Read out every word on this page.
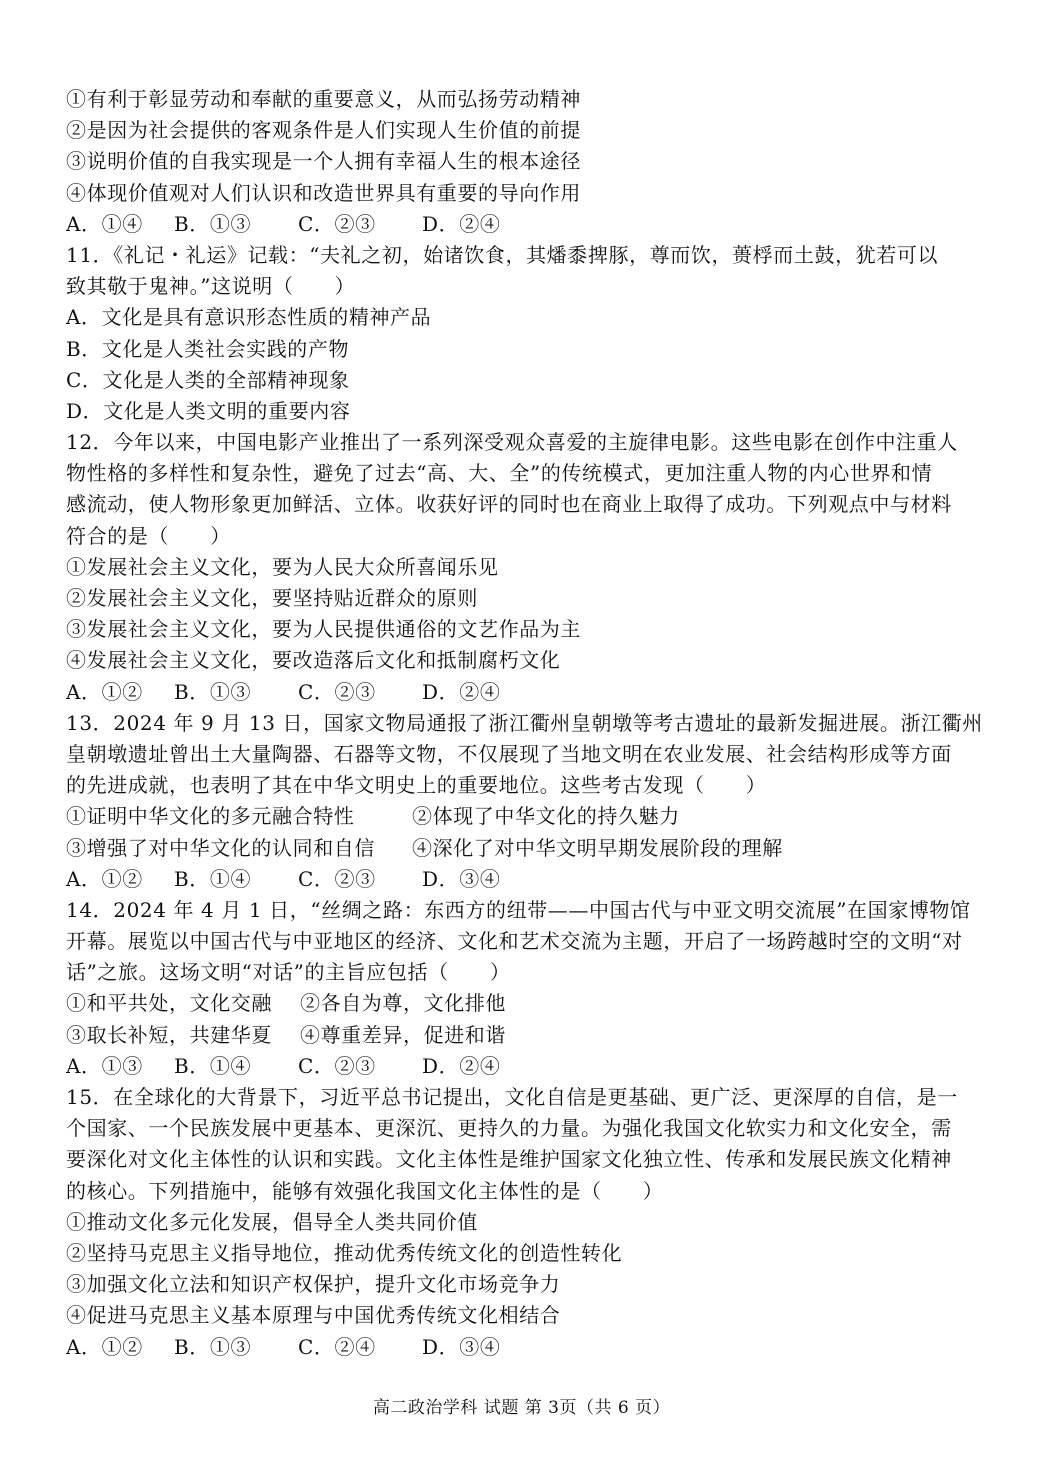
①有利于彰显劳动和奉献的重要意义，从而弘扬劳动精神
②是因为社会提供的客观条件是人们实现人生价值的前提
③说明价值的自我实现是一个人拥有幸福人生的根本途径
④体现价值观对人们认识和改造世界具有重要的导向作用
A．①④ B．①③ C．②③ D．②④
11．《礼记・礼运》记载：“夫礼之初，始诸饮食，其燔黍捭豚，尊而饮，蒉桴而土鼓，犹若可以
致其敬于鬼神。”这说明（　　）
A．文化是具有意识形态性质的精神产品
B．文化是人类社会实践的产物
C．文化是人类的全部精神现象
D．文化是人类文明的重要内容
12．今年以来，中国电影产业推出了一系列深受观众喜爱的主旋律电影。这些电影在创作中注重人
物性格的多样性和复杂性，避免了过去“高、大、全”的传统模式，更加注重人物的内心世界和情
感流动，使人物形象更加鲜活、立体。收获好评的同时也在商业上取得了成功。下列观点中与材料
符合的是（　　）
①发展社会主义文化，要为人民大众所喜闻乐见
②发展社会主义文化，要坚持贴近群众的原则
③发展社会主义文化，要为人民提供通俗的文艺作品为主
④发展社会主义文化，要改造落后文化和抵制腐朽文化
A．①② B．①③ C．②③ D．②④
13．2024 年 9 月 13 日，国家文物局通报了浙江衢州皇朝墩等考古遗址的最新发掘进展。浙江衢州
皇朝墩遗址曾出土大量陶器、石器等文物，不仅展现了当地文明在农业发展、社会结构形成等方面
的先进成就，也表明了其在中华文明史上的重要地位。这些考古发现（　　）
①证明中华文化的多元融合特性	②体现了中华文化的持久魅力
③增强了对中华文化的认同和自信 ④深化了对中华文明早期发展阶段的理解
A．①② B．①④ C．②③ D．③④
14．2024 年 4 月 1 日，“丝绸之路：东西方的纽带——中国古代与中亚文明交流展”在国家博物馆
开幕。展览以中国古代与中亚地区的经济、文化和艺术交流为主题，开启了一场跨越时空的文明“对
话”之旅。这场文明“对话”的主旨应包括（　　）
①和平共处，文化交融 ②各自为尊，文化排他
③取长补短，共建华夏 ④尊重差异，促进和谐
A．①③ B．①④ C．②③ D．②④
15．在全球化的大背景下，习近平总书记提出，文化自信是更基础、更广泛、更深厚的自信，是一
个国家、一个民族发展中更基本、更深沉、更持久的力量。为强化我国文化软实力和文化安全，需
要深化对文化主体性的认识和实践。文化主体性是维护国家文化独立性、传承和发展民族文化精神
的核心。下列措施中，能够有效强化我国文化主体性的是（　　）
①推动文化多元化发展，倡导全人类共同价值
②坚持马克思主义指导地位，推动优秀传统文化的创造性转化
③加强文化立法和知识产权保护，提升文化市场竞争力
④促进马克思主义基本原理与中国优秀传统文化相结合
A．①② B．①③ C．②④ D．③④
高二政治学科 试题 第 3页（共 6 页）
